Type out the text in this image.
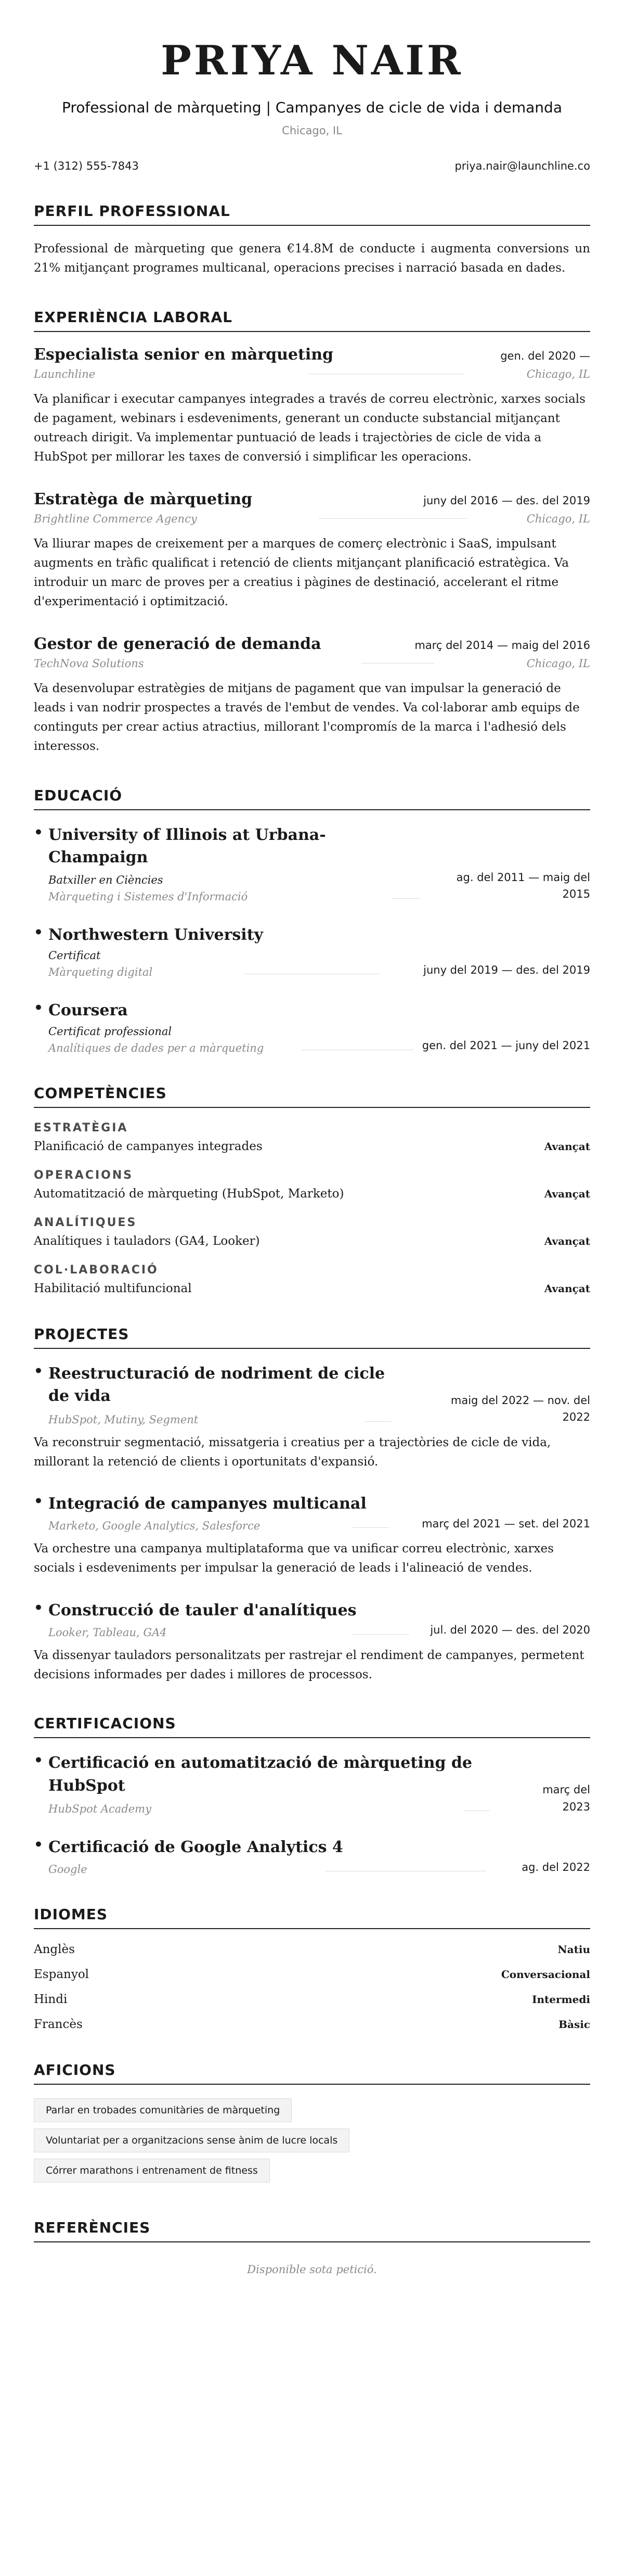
PRIYA NAIR
Professional de màrqueting | Campanyes de cicle de vida i demanda
Chicago, IL
+1 (312) 555-7843	priya.nair@launchline.co
PERFIL PROFESSIONAL

Professional de màrqueting que genera €14.8M de conducte i augmenta conversions un 21% mitjançant programes multicanal, operacions precises i narració basada en dades.

EXPERIÈNCIA LABORAL
Especialista senior en màrqueting	gen. del 2020 —
Launchline	Chicago, IL

Va planificar i executar campanyes integrades a través de correu electrònic, xarxes socials de pagament, webinars i esdeveniments, generant un conducte substancial mitjançant outreach dirigit. Va implementar puntuació de leads i trajectòries de cicle de vida a HubSpot per millorar les taxes de conversió i simplificar les operacions.

Estratèga de màrqueting	juny del 2016 — des. del 2019
Brightline Commerce Agency	Chicago, IL

Va lliurar mapes de creixement per a marques de comerç electrònic i SaaS, impulsant augments en tràfic qualificat i retenció de clients mitjançant planificació estratègica. Va introduir un marc de proves per a creatius i pàgines de destinació, accelerant el ritme d'experimentació i optimització.

Gestor de generació de demanda	març del 2014 — maig del 2016
TechNova Solutions	Chicago, IL

Va desenvolupar estratègies de mitjans de pagament que van impulsar la generació de leads i van nodrir prospectes a través de l'embut de vendes. Va col·laborar amb equips de continguts per crear actius atractius, millorant l'compromís de la marca i l'adhesió dels interessos.

EDUCACIÓ
• University of Illinois at Urbana-
Champaign
Batxiller en Ciències
Màrqueting i Sistemes d'Informació
ag. del 2011 — maig del
2015
• Northwestern University
Certificat
Màrqueting digital	juny del 2019 — des. del 2019
• Coursera
Certificat professional
Analítiques de dades per a màrqueting	gen. del 2021 — juny del 2021
COMPETÈNCIES
ESTRATÈGIA
Planificació de campanyes integrades	Avançat
OPERACIONS
Automatització de màrqueting (HubSpot, Marketo)	Avançat
ANALÍTIQUES
Analítiques i tauladors (GA4, Looker)	Avançat
COL·LABORACIÓ
Habilitació multifuncional	Avançat
PROJECTES
• Reestructuració de nodriment de cicle
de vida
HubSpot, Mutiny, Segment
maig del 2022 — nov. del
2022
Va reconstruir segmentació, missatgeria i creatius per a trajectòries de cicle de vida, millorant la retenció de clients i oportunitats d'expansió.
• Integració de campanyes multicanal
Marketo, Google Analytics, Salesforce	març del 2021 — set. del 2021
Va orchestre una campanya multiplataforma que va unificar correu electrònic, xarxes socials i esdeveniments per impulsar la generació de leads i l'alineació de vendes.
• Construcció de tauler d'analítiques
Looker, Tableau, GA4	jul. del 2020 — des. del 2020
Va dissenyar tauladors personalitzats per rastrejar el rendiment de campanyes, permetent decisions informades per dades i millores de processos.
CERTIFICACIONS
• Certificació en automatització de màrqueting de
HubSpot
HubSpot Academy
març del
2023
• Certificació de Google Analytics 4
Google	ag. del 2022
IDIOMES
Anglès	Natiu
Espanyol	Conversacional
Hindi	Intermedi
Francès	Bàsic
AFICIONS
Parlar en trobades comunitàries de màrqueting
Voluntariat per a organitzacions sense ànim de lucre locals
Córrer marathons i entrenament de fitness
REFERÈNCIES
Disponible sota petició.
